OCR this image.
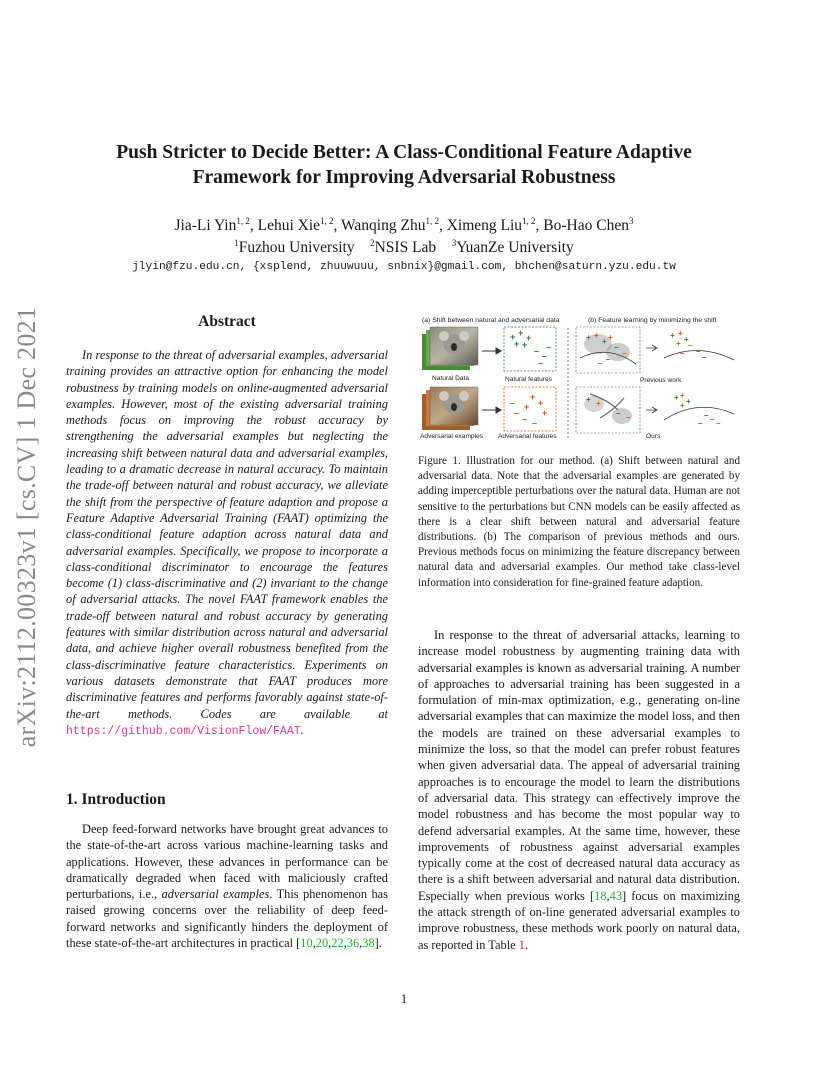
arXiv:2112.00323v1 [cs.CV] 1 Dec 2021
Push Stricter to Decide Better: A Class-Conditional Feature Adaptive
Framework for Improving Adversarial Robustness
Jia-Li Yin$^{1, 2}$, Lehui Xie$^{1, 2}$, Wanqing Zhu$^{1, 2}$, Ximeng Liu$^{1, 2}$, Bo-Hao Chen$^3$
$^1$Fuzhou University $^2$NSIS Lab $^3$YuanZe University
jlyin@fzu.edu.cn, {xsplend, zhuuwuuu, snbnix}@gmail.com, bhchen@saturn.yzu.edu.tw
Abstract
In response to the threat of adversarial examples, adversarial training provides an attractive option for enhancing the model robustness by training models on online-augmented adversarial examples. However, most of the existing adversarial training methods focus on improving the robust accuracy by strengthening the adversarial examples but neglecting the increasing shift between natural data and adversarial examples, leading to a dramatic decrease in natural accuracy. To maintain the trade-off between natural and robust accuracy, we alleviate the shift from the perspective of feature adaption and propose a Feature Adaptive Adversarial Training (FAAT) optimizing the class-conditional feature adaption across natural data and adversarial examples. Specifically, we propose to incorporate a class-conditional discriminator to encourage the features become (1) class-discriminative and (2) invariant to the change of adversarial attacks. The novel FAAT framework enables the trade-off between natural and robust accuracy by generating features with similar distribution across natural and adversarial data, and achieve higher overall robustness benefited from the class-discriminative feature characteristics. Experiments on various datasets demonstrate that FAAT produces more discriminative features and performs favorably against state-of-the-art methods. Codes are available at https://github.com/VisionFlow/FAAT.
1. Introduction
Deep feed-forward networks have brought great advances to the state-of-the-art across various machine-learning tasks and applications. However, these advances in performance can be dramatically degraded when faced with maliciously crafted perturbations, i.e., adversarial examples. This phenomenon has raised growing concerns over the reliability of deep feed-forward networks and significantly hinders the deployment of these state-of-the-art architectures in practical [10,20,22,36,38].
(a) Shift between natural and adversarial data	(b) Feature learning by minimizing the shift
Natural Data
Adversarial examples
+ + +
+ +
– –
–
–
Natural features
+
+
+
+
–
–
– –
Adversarial features
+ +
+ +
–
–
–
–
+ +
+
+ –
–
– –
Previous work
+ +
– –
+ +
+
+
– –
– –
Ours
Figure 1. Illustration for our method. (a) Shift between natural and adversarial data. Note that the adversarial examples are generated by adding imperceptible perturbations over the natural data. Human are not sensitive to the perturbations but CNN models can be easily affected as there is a clear shift between natural and adversarial feature distributions. (b) The comparison of previous methods and ours. Previous methods focus on minimizing the feature discrepancy between natural data and adversarial examples. Our method take class-level information into consideration for fine-grained feature adaption.
In response to the threat of adversarial attacks, learning to increase model robustness by augmenting training data with adversarial examples is known as adversarial training. A number of approaches to adversarial training has been suggested in a formulation of min-max optimization, e.g., generating on-line adversarial examples that can maximize the model loss, and then the models are trained on these adversarial examples to minimize the loss, so that the model can prefer robust features when given adversarial data. The appeal of adversarial training approaches is to encourage the model to learn the distributions of adversarial data. This strategy can effectively improve the model robustness and has become the most popular way to defend adversarial examples. At the same time, however, these improvements of robustness against adversarial examples typically come at the cost of decreased natural data accuracy as there is a shift between adversarial and natural data distribution. Especially when previous works [18,43] focus on maximizing the attack strength of on-line generated adversarial examples to improve robustness, these methods work poorly on natural data, as reported in Table 1.
1
